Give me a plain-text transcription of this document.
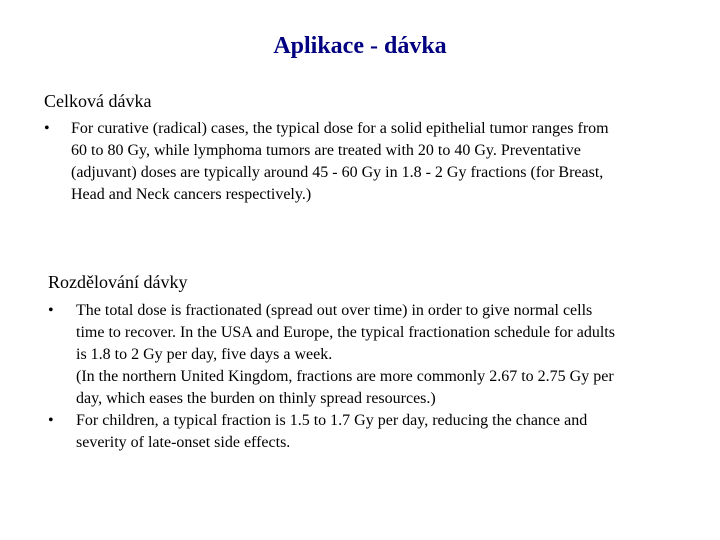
Aplikace - dávka
Celková dávka
• For curative (radical) cases, the typical dose for a solid epithelial tumor ranges from
60 to 80 Gy, while lymphoma tumors are treated with 20 to 40 Gy. Preventative
(adjuvant) doses are typically around 45 - 60 Gy in 1.8 - 2 Gy fractions (for Breast,
Head and Neck cancers respectively.)
Rozdělování dávky
• The total dose is fractionated (spread out over time) in order to give normal cells
time to recover. In the USA and Europe, the typical fractionation schedule for adults
is 1.8 to 2 Gy per day, five days a week.
(In the northern United Kingdom, fractions are more commonly 2.67 to 2.75 Gy per
day, which eases the burden on thinly spread resources.)
• For children, a typical fraction is 1.5 to 1.7 Gy per day, reducing the chance and
severity of late-onset side effects.
